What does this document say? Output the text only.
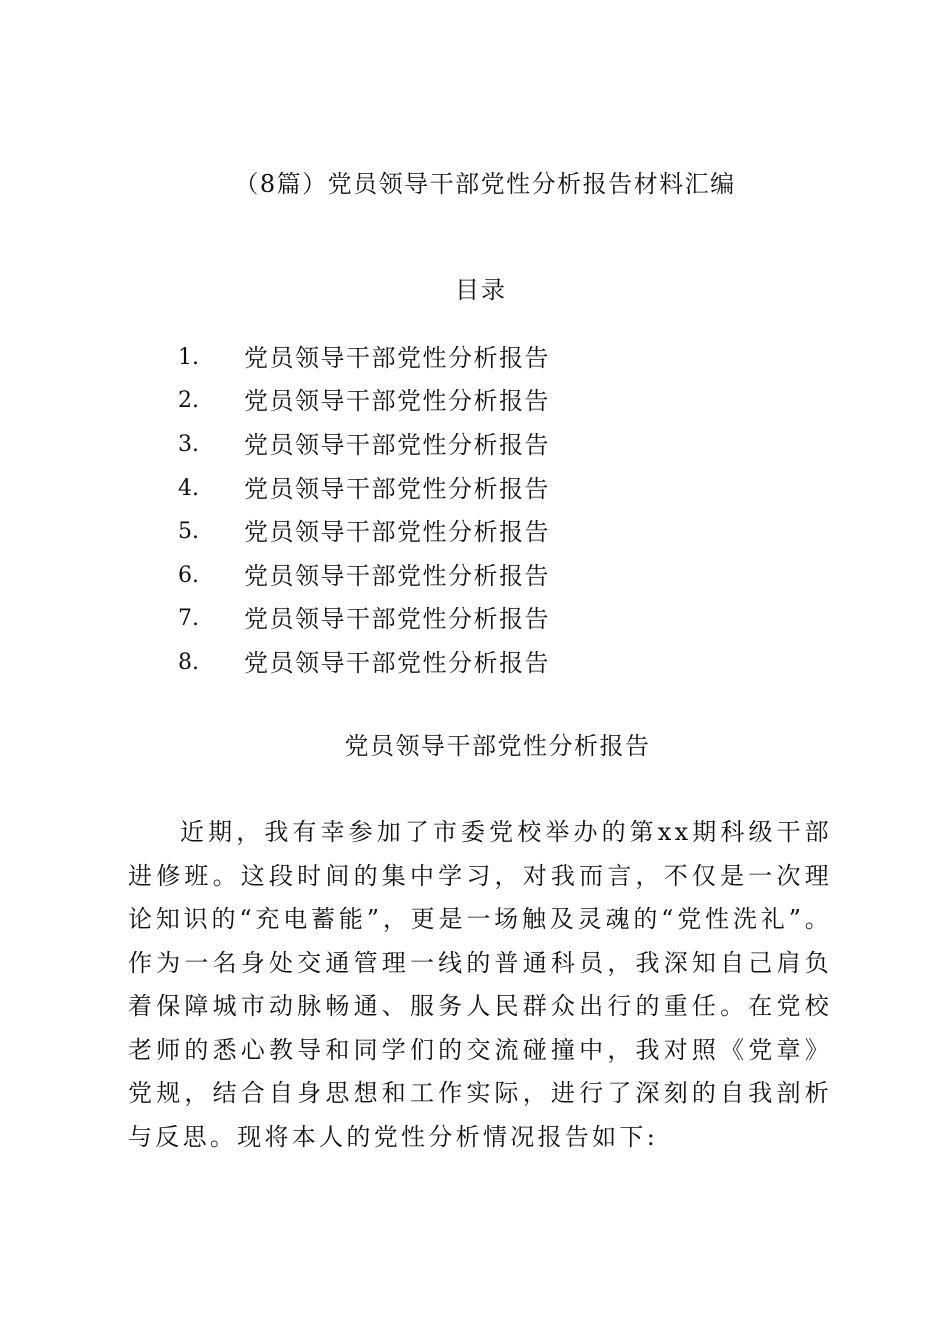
（8篇）党员领导干部党性分析报告材料汇编
目录
1.	党员领导干部党性分析报告
2.	党员领导干部党性分析报告
3.	党员领导干部党性分析报告
4.	党员领导干部党性分析报告
5.	党员领导干部党性分析报告
6.	党员领导干部党性分析报告
7.	党员领导干部党性分析报告
8.	党员领导干部党性分析报告
党员领导干部党性分析报告

近期，我有幸参加了市委党校举办的第xx期科级干部进修班。这段时间的集中学习，对我而言，不仅是一次理论知识的“充电蓄能”，更是一场触及灵魂的“党性洗礼”。作为一名身处交通管理一线的普通科员，我深知自己肩负着保障城市动脉畅通、服务人民群众出行的重任。在党校老师的悉心教导和同学们的交流碰撞中，我对照《党章》党规，结合自身思想和工作实际，进行了深刻的自我剖析与反思。现将本人的党性分析情况报告如下:
